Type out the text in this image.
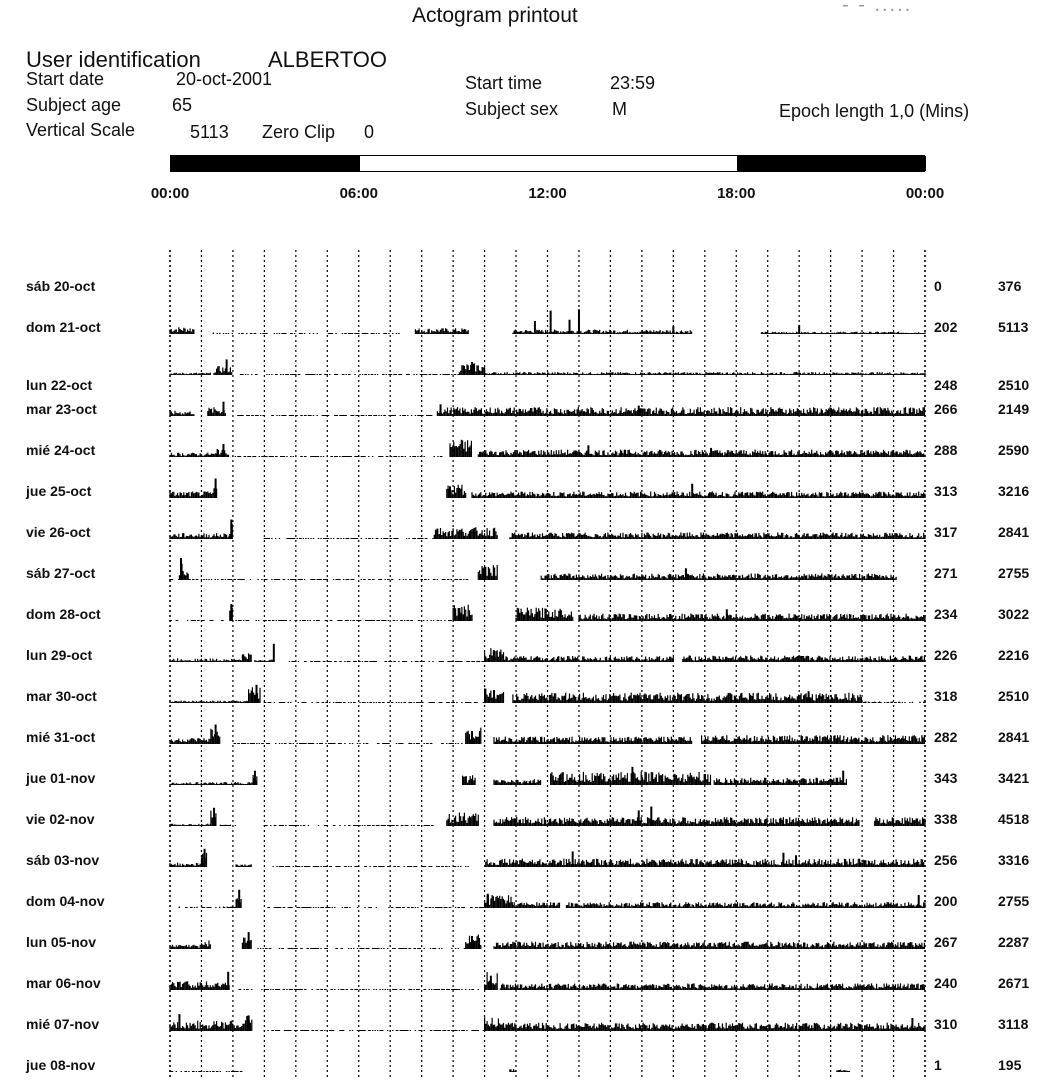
- - .....
Actogram printout
User identification	ALBERTOO
Start date	20-oct-2001
Subject age	65
Vertical Scale	5113 Zero Clip 0
Start time	23:59
Subject sex	M	Epoch length 1,0 (Mins)
00:00	06:00	12:00	18:00	00:00
sáb 20-oct	0	376
dom 21-oct	202	5113
lun 22-oct	248	2510
mar 23-oct	266	2149
mié 24-oct	288	2590
jue 25-oct	313	3216
vie 26-oct	317	2841
sáb 27-oct	271	2755
dom 28-oct	234	3022
lun 29-oct	226	2216
mar 30-oct	318	2510
mié 31-oct	282	2841
jue 01-nov	343	3421
vie 02-nov	338	4518
sáb 03-nov	256	3316
dom 04-nov	200	2755
lun 05-nov	267	2287
mar 06-nov	240	2671
mié 07-nov	310	3118
jue 08-nov	1	195
